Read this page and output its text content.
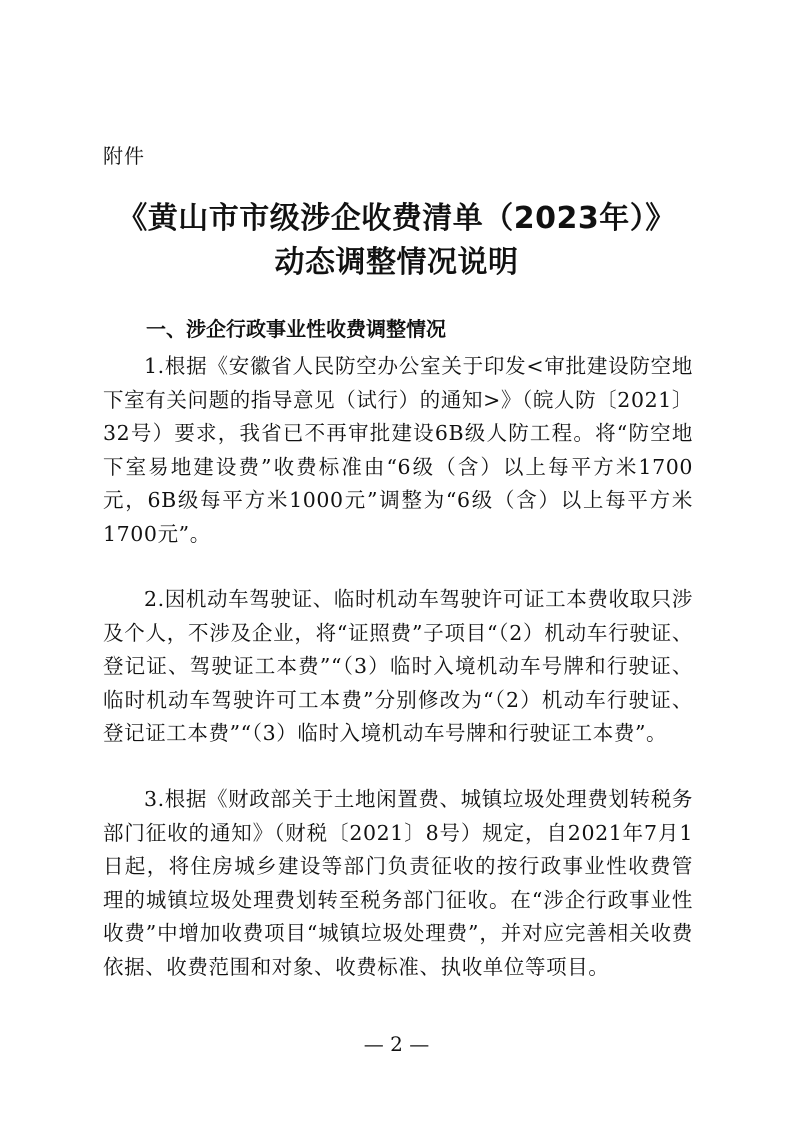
附件
《黄山市市级涉企收费清单（2023年）》
动态调整情况说明
一、涉企行政事业性收费调整情况

1.根据《安徽省人民防空办公室关于印发<审批建设防空地下室有关问题的指导意见（试行）的通知>》（皖人防〔2021〕32号）要求，我省已不再审批建设6B级人防工程。将“防空地下室易地建设费”收费标准由“6级（含）以上每平方米1700元，6B级每平方米1000元”调整为“6级（含）以上每平方米1700元”。

2.因机动车驾驶证、临时机动车驾驶许可证工本费收取只涉及个人，不涉及企业，将“证照费”子项目“（2）机动车行驶证、登记证、驾驶证工本费”“（3）临时入境机动车号牌和行驶证、临时机动车驾驶许可工本费”分别修改为“（2）机动车行驶证、登记证工本费”“（3）临时入境机动车号牌和行驶证工本费”。

3.根据《财政部关于土地闲置费、城镇垃圾处理费划转税务部门征收的通知》（财税〔2021〕8号）规定，自2021年7月1日起，将住房城乡建设等部门负责征收的按行政事业性收费管理的城镇垃圾处理费划转至税务部门征收。在“涉企行政事业性收费”中增加收费项目“城镇垃圾处理费”，并对应完善相关收费依据、收费范围和对象、收费标准、执收单位等项目。

— 2 —
